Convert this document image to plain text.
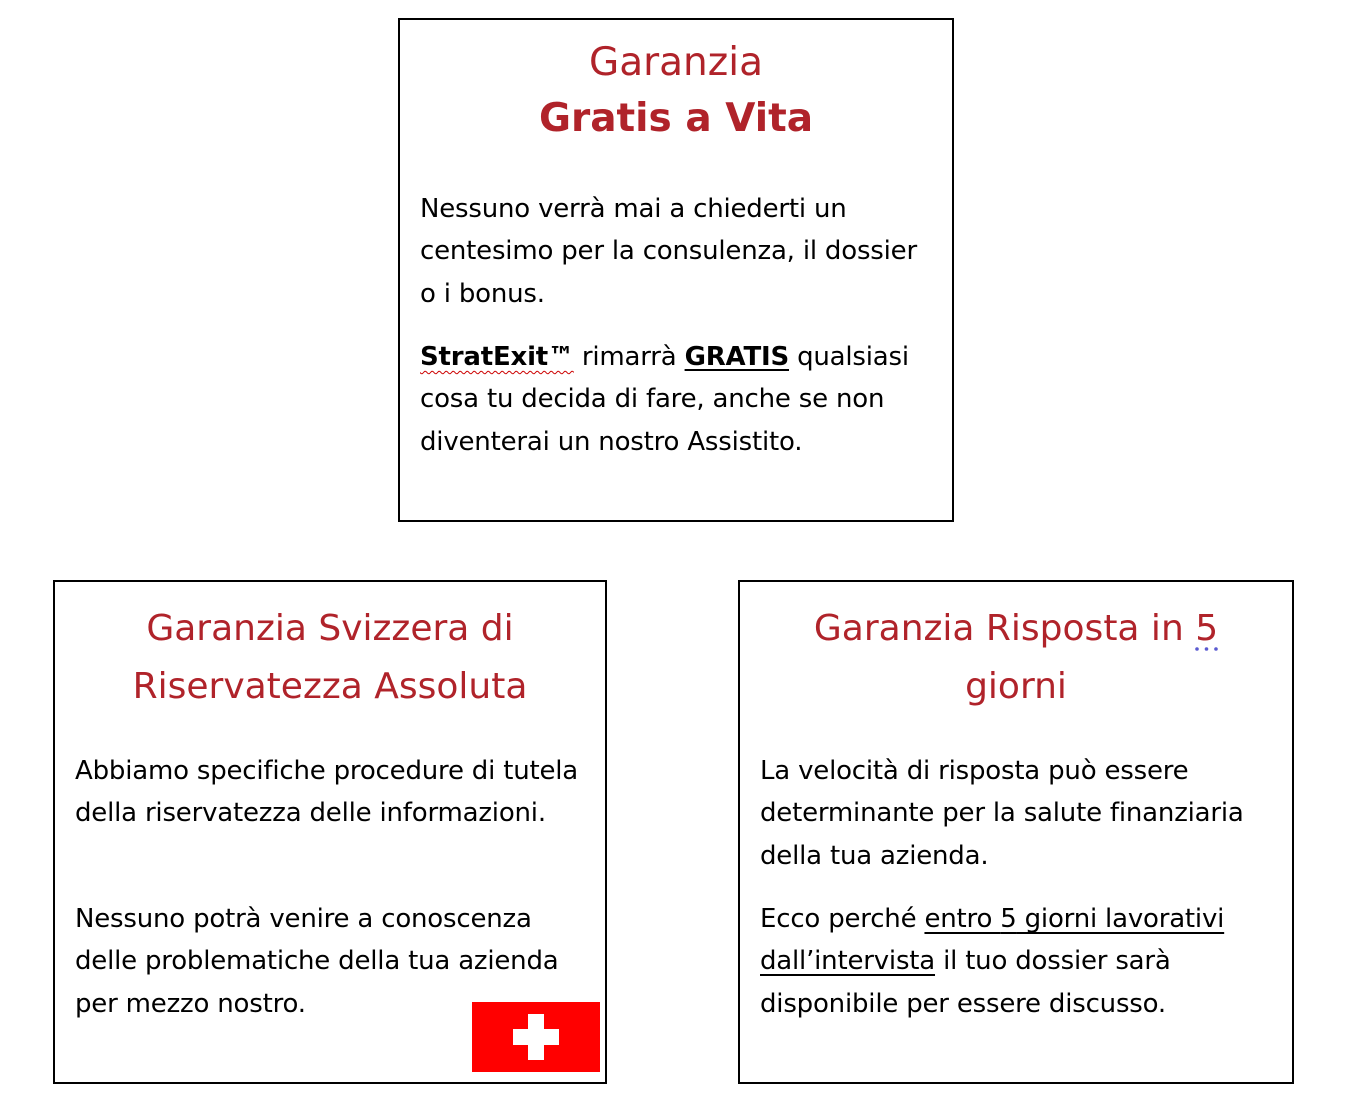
Garanzia
Gratis a Vita

Nessuno verrà mai a chiederti un centesimo per la consulenza, il dossier o i bonus.

StratExit™ rimarrà GRATIS qualsiasi cosa tu decida di fare, anche se non diventerai un nostro Assistito.

Garanzia Svizzera di Riservatezza Assoluta

Abbiamo specifiche procedure di tutela della riservatezza delle informazioni.

Nessuno potrà venire a conoscenza delle problematiche della tua azienda per mezzo nostro.

Garanzia Risposta in 5
giorni

La velocità di risposta può essere determinante per la salute finanziaria della tua azienda.

Ecco perché entro 5 giorni lavorativi dall’intervista il tuo dossier sarà disponibile per essere discusso.
